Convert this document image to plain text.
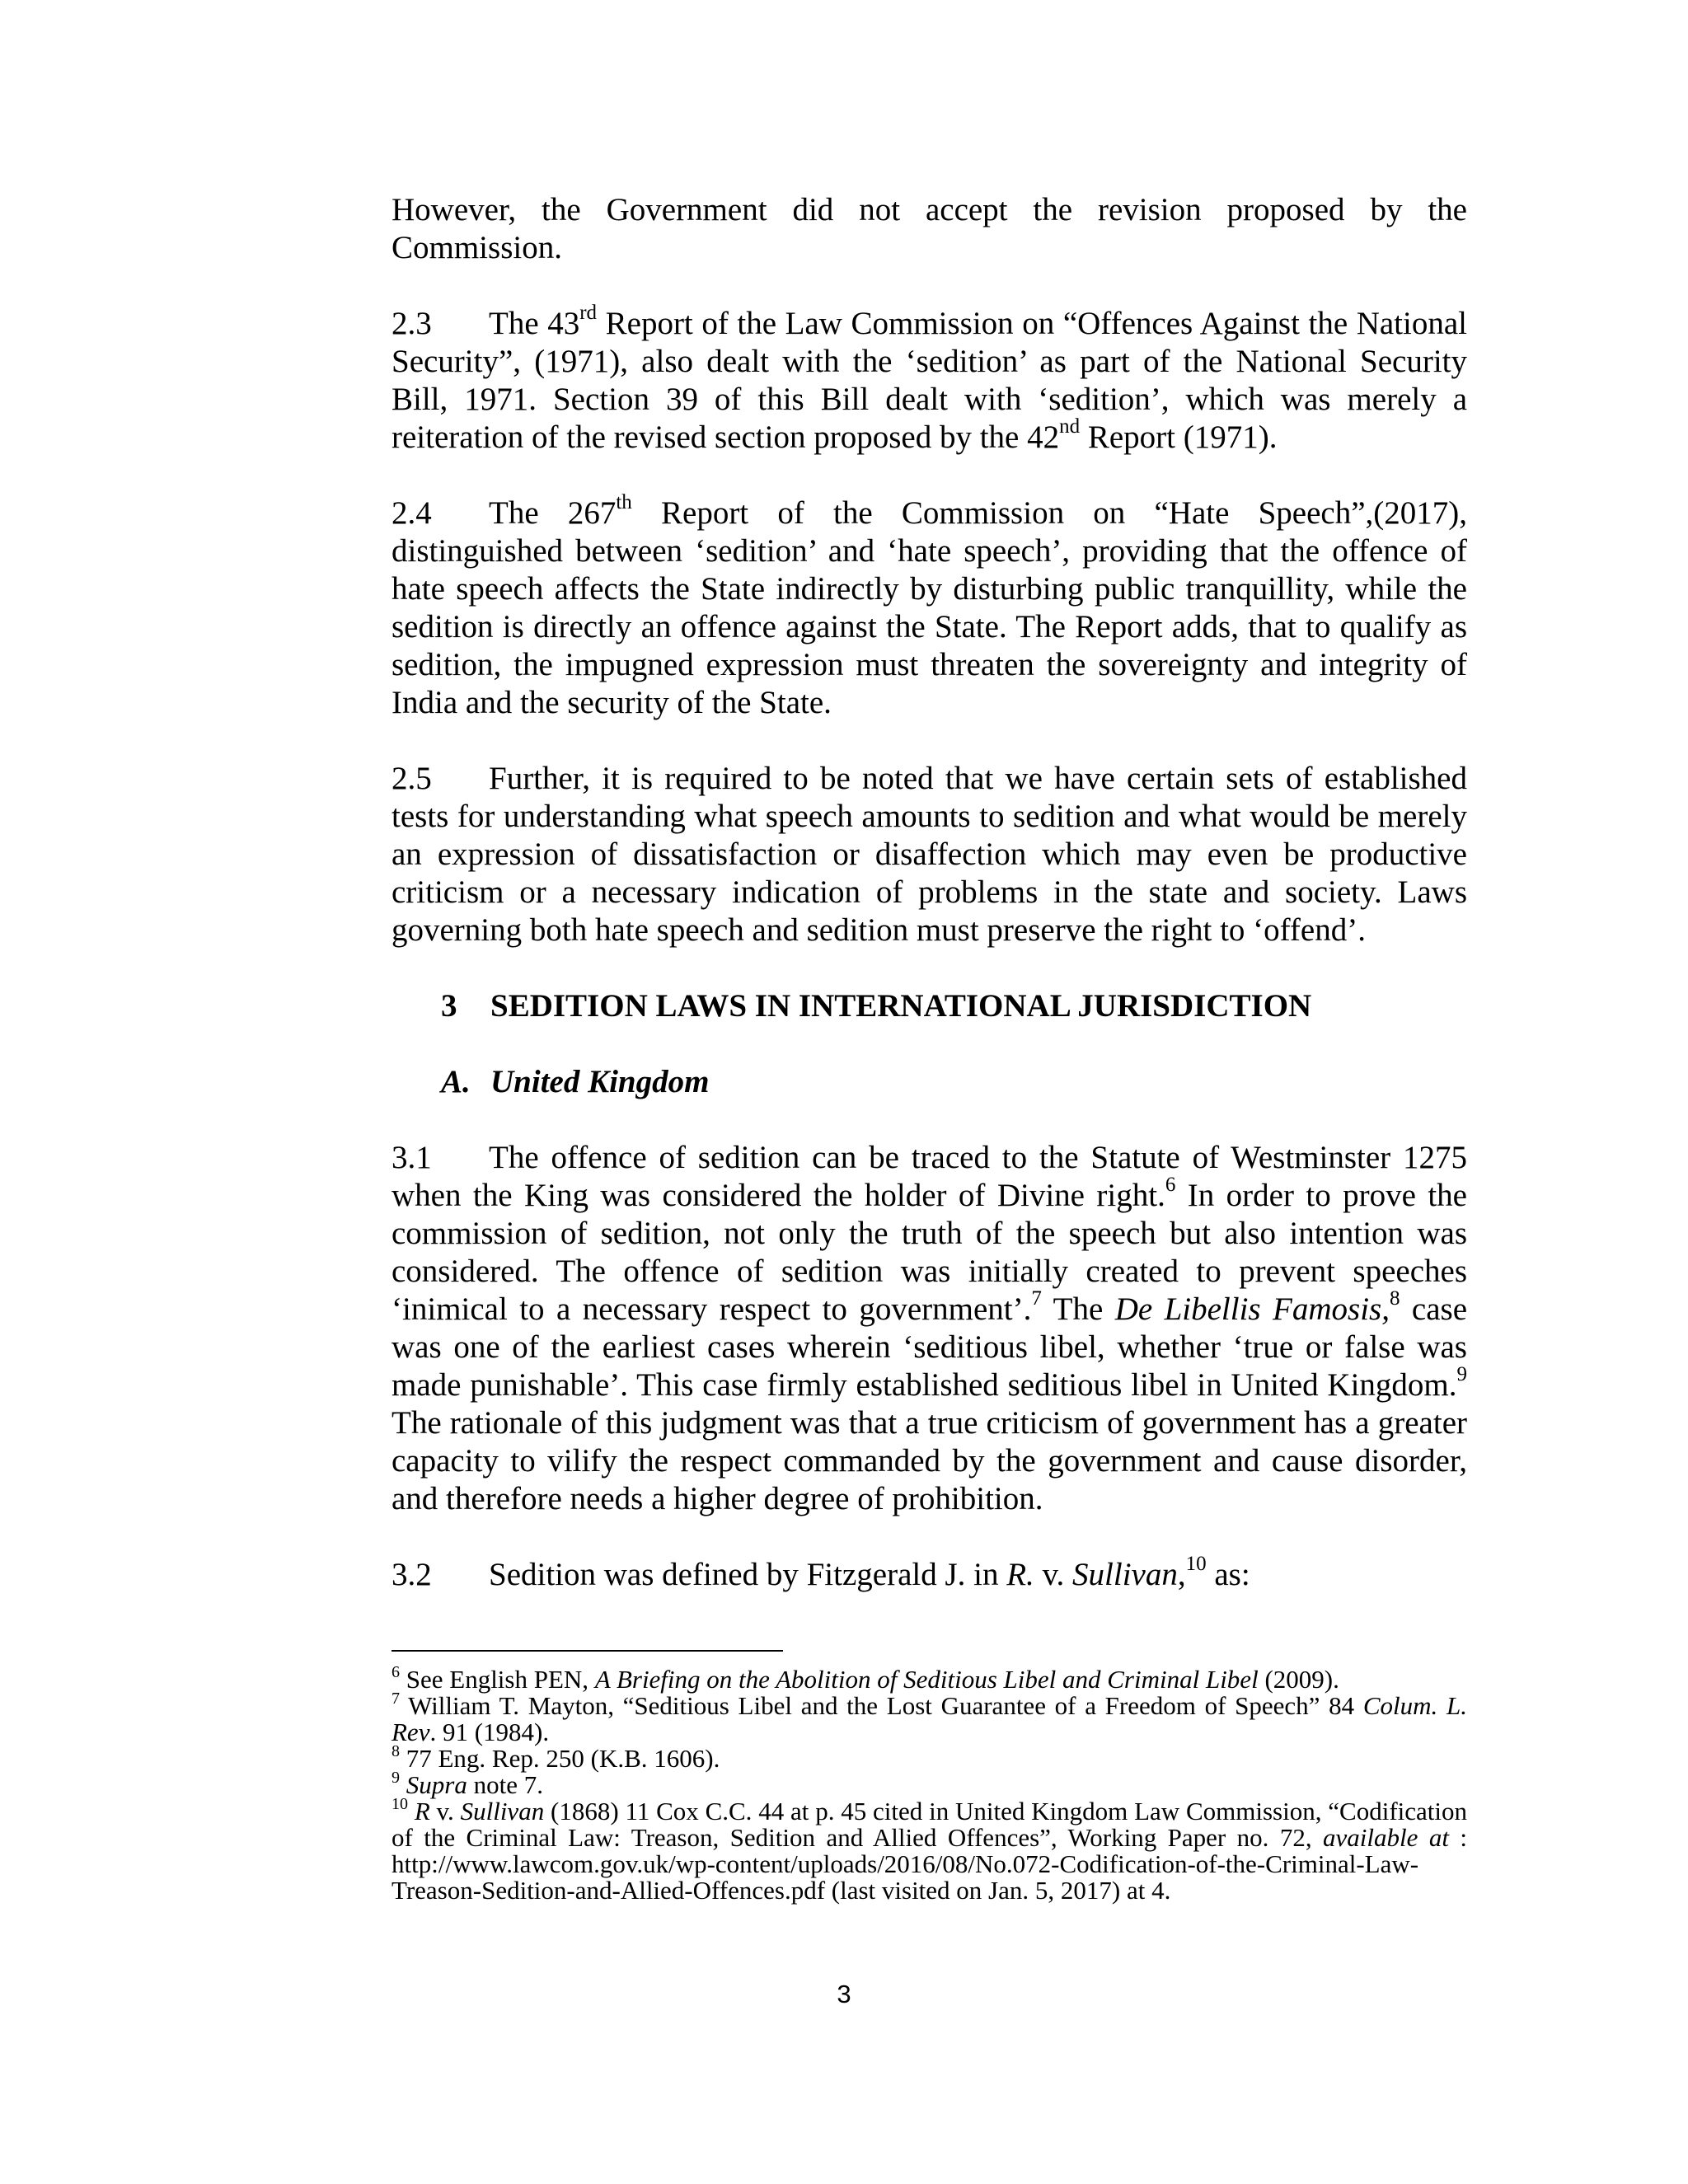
However, the Government did not accept the revision proposed by the Commission.

2.3 The 43rd Report of the Law Commission on “Offences Against the National Security”, (1971), also dealt with the ‘sedition’ as part of the National Security Bill, 1971. Section 39 of this Bill dealt with ‘sedition’, which was merely a reiteration of the revised section proposed by the 42nd Report (1971).

2.4 The 267th Report of the Commission on “Hate Speech”,(2017), distinguished between ‘sedition’ and ‘hate speech’, providing that the offence of hate speech affects the State indirectly by disturbing public tranquillity, while the sedition is directly an offence against the State. The Report adds, that to qualify as sedition, the impugned expression must threaten the sovereignty and integrity of India and the security of the State.

2.5 Further, it is required to be noted that we have certain sets of established tests for understanding what speech amounts to sedition and what would be merely an expression of dissatisfaction or disaffection which may even be productive criticism or a necessary indication of problems in the state and society. Laws governing both hate speech and sedition must preserve the right to ‘offend’.

3 SEDITION LAWS IN INTERNATIONAL JURISDICTION
A. United Kingdom

3.1 The offence of sedition can be traced to the Statute of Westminster 1275 when the King was considered the holder of Divine right.$^6$ In order to prove the commission of sedition, not only the truth of the speech but also intention was considered. The offence of sedition was initially created to prevent speeches ‘inimical to a necessary respect to government’.$^7$ The De Libellis Famosis,$^8$ case was one of the earliest cases wherein ‘seditious libel, whether ‘true or false was made punishable’. This case firmly established seditious libel in United Kingdom.$^9$ The rationale of this judgment was that a true criticism of government has a greater capacity to vilify the respect commanded by the government and cause disorder, and therefore needs a higher degree of prohibition.

3.2 Sedition was defined by Fitzgerald J. in R. v. Sullivan,$^{10}$ as:

$^6$ See English PEN, A Briefing on the Abolition of Seditious Libel and Criminal Libel (2009).

$^7$ William T. Mayton, “Seditious Libel and the Lost Guarantee of a Freedom of Speech” 84 Colum. L. Rev. 91 (1984).

$^8$ 77 Eng. Rep. 250 (K.B. 1606).

$^9$ Supra note 7.

$^{10}$ R v. Sullivan (1868) 11 Cox C.C. 44 at p. 45 cited in United Kingdom Law Commission, “Codification of the Criminal Law: Treason, Sedition and Allied Offences”, Working Paper no. 72, available at : http://www.lawcom.gov.uk/wp-content/uploads/2016/08/No.072-Codification-of-the-Criminal-Law-Treason-Sedition-and-Allied-Offences.pdf (last visited on Jan. 5, 2017) at 4.

3
